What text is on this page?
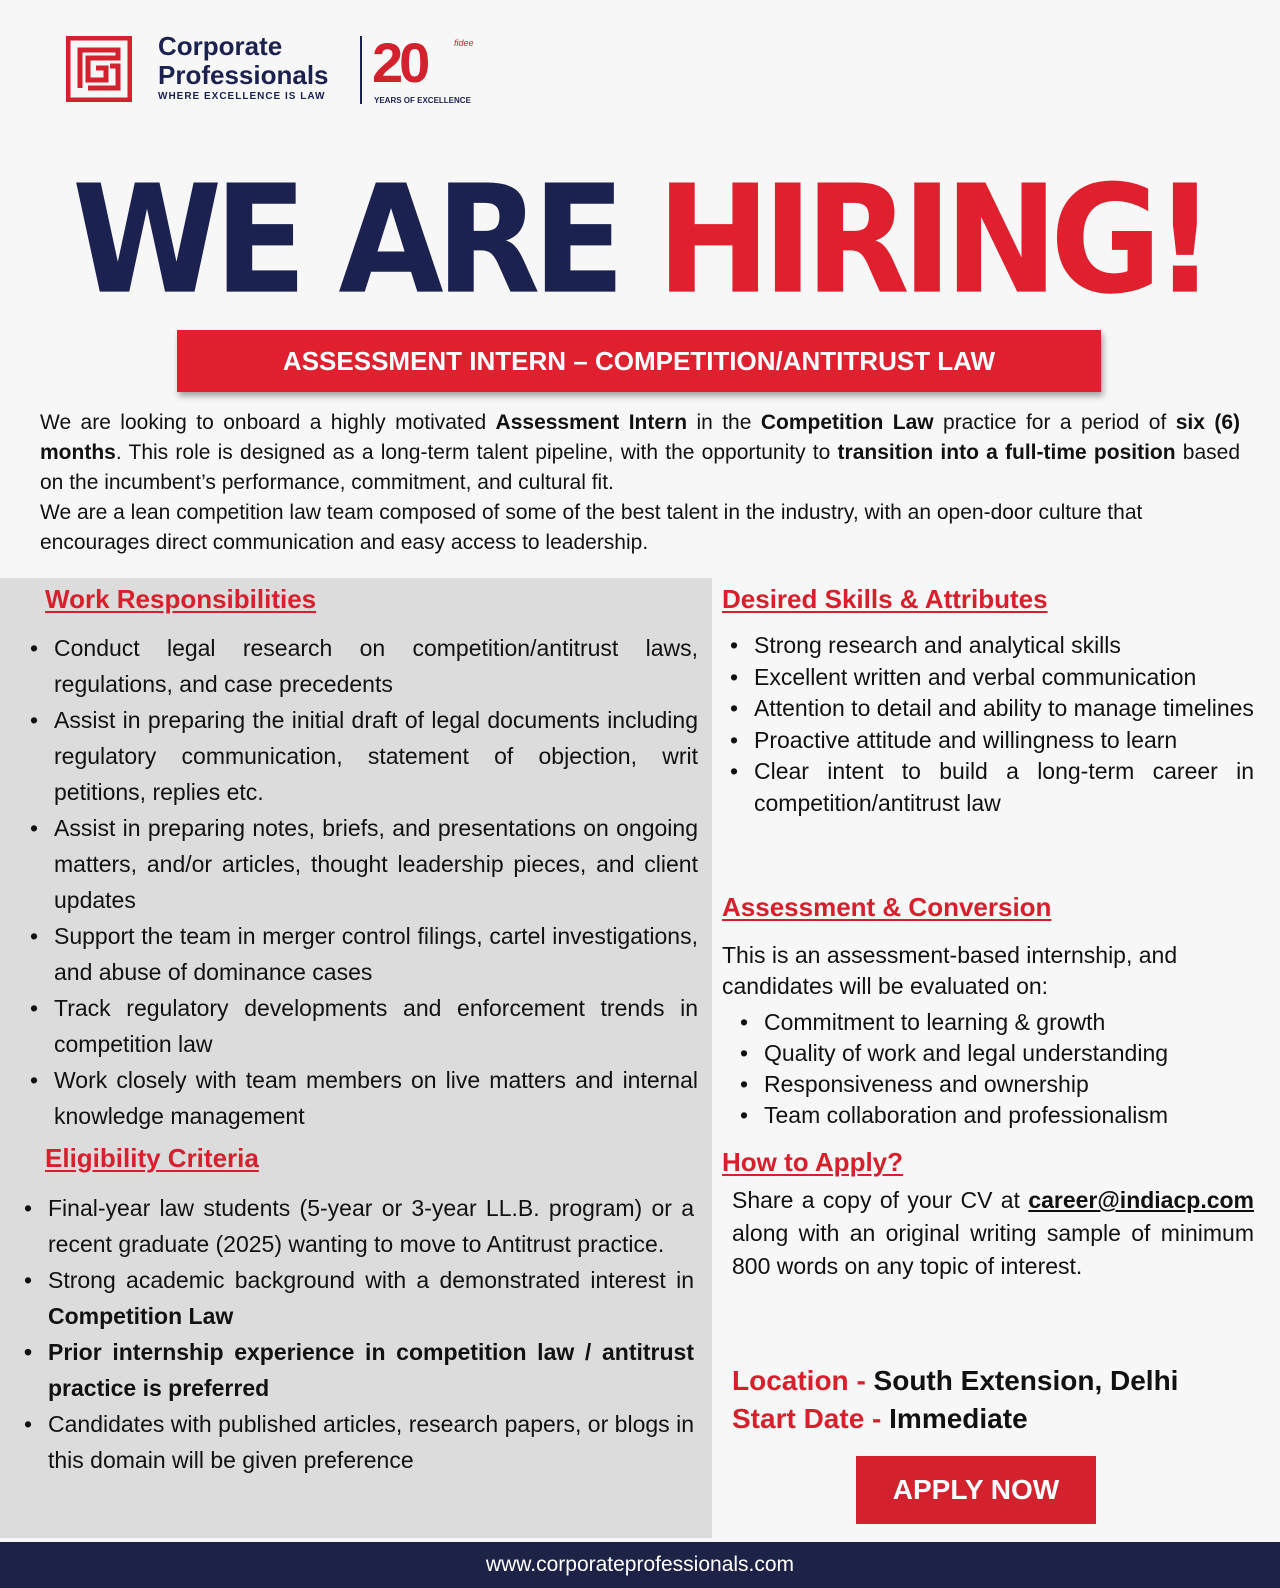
Corporate
Professionals
WHERE EXCELLENCE IS LAW
20	fidee
YEARS OF EXCELLENCE
WE ARE HIRING!
ASSESSMENT INTERN – COMPETITION/ANTITRUST LAW

We are looking to onboard a highly motivated Assessment Intern in the Competition Law practice for a period of six (6) months. This role is designed as a long-term talent pipeline, with the opportunity to transition into a full-time position based on the incumbent’s performance, commitment, and cultural fit.

We are a lean competition law team composed of some of the best talent in the industry, with an open-door culture that encourages direct communication and easy access to leadership.

Work Responsibilities
• Conduct legal research on competition/antitrust laws, regulations, and case precedents
• Assist in preparing the initial draft of legal documents including regulatory communication, statement of objection, writ petitions, replies etc.
• Assist in preparing notes, briefs, and presentations on ongoing matters, and/or articles, thought leadership pieces, and client updates
• Support the team in merger control filings, cartel investigations, and abuse of dominance cases
• Track regulatory developments and enforcement trends in competition law
• Work closely with team members on live matters and internal knowledge management
Eligibility Criteria
• Final-year law students (5-year or 3-year LL.B. program) or a recent graduate (2025) wanting to move to Antitrust practice.
• Strong academic background with a demonstrated interest in Competition Law
• Prior internship experience in competition law / antitrust practice is preferred
• Candidates with published articles, research papers, or blogs in this domain will be given preference
Desired Skills & Attributes
• Strong research and analytical skills
• Excellent written and verbal communication
• Attention to detail and ability to manage timelines
• Proactive attitude and willingness to learn
• Clear intent to build a long-term career in competition/antitrust law
Assessment & Conversion
This is an assessment-based internship, and candidates will be evaluated on:
• Commitment to learning & growth
• Quality of work and legal understanding
• Responsiveness and ownership
• Team collaboration and professionalism
How to Apply?
Share a copy of your CV at career@indiacp.com along with an original writing sample of minimum 800 words on any topic of interest.
Location - South Extension, Delhi
Start Date - Immediate
APPLY NOW
www.corporateprofessionals.com
